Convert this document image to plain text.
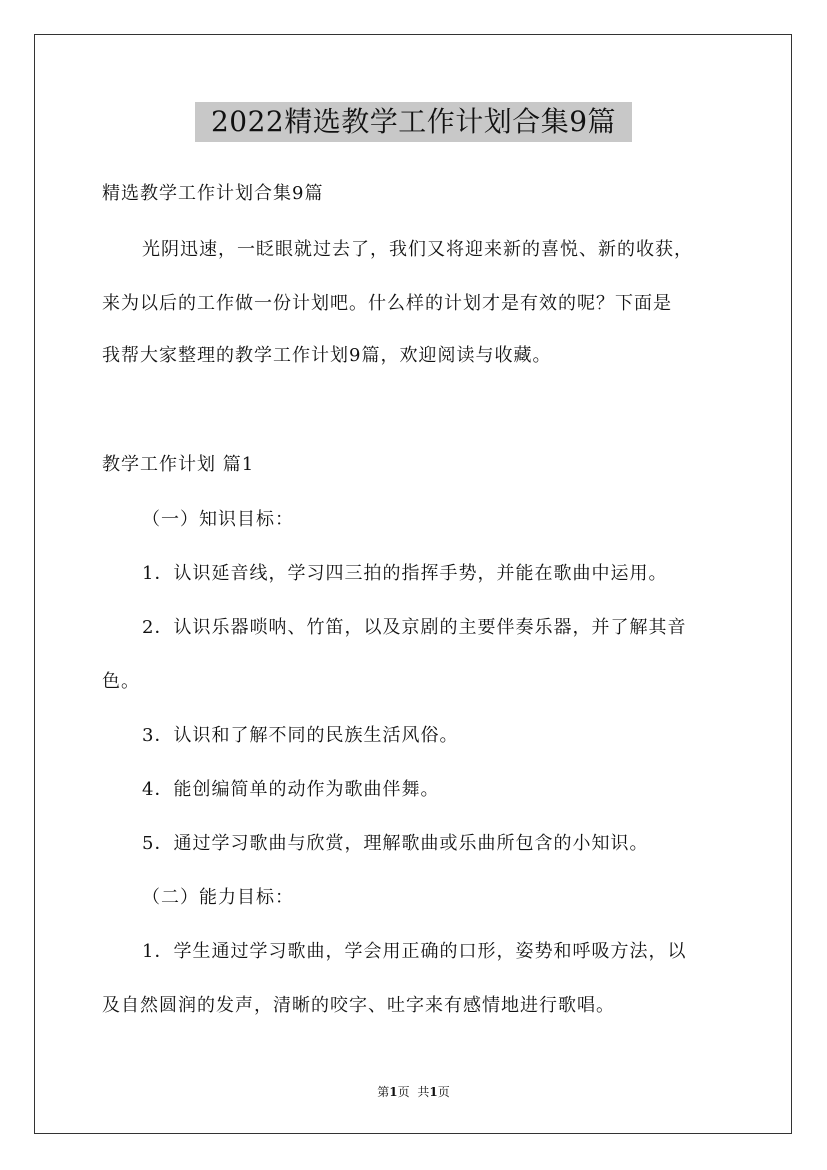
2022精选教学工作计划合集9篇
精选教学工作计划合集9篇
光阴迅速，一眨眼就过去了，我们又将迎来新的喜悦、新的收获，
来为以后的工作做一份计划吧。什么样的计划才是有效的呢？下面是
我帮大家整理的教学工作计划9篇，欢迎阅读与收藏。
教学工作计划 篇1
（一）知识目标：
1．认识延音线，学习四三拍的指挥手势，并能在歌曲中运用。
2．认识乐器唢呐、竹笛，以及京剧的主要伴奏乐器，并了解其音
色。
3．认识和了解不同的民族生活风俗。
4．能创编简单的动作为歌曲伴舞。
5．通过学习歌曲与欣赏，理解歌曲或乐曲所包含的小知识。
（二）能力目标：
1．学生通过学习歌曲，学会用正确的口形，姿势和呼吸方法，以
及自然圆润的发声，清晰的咬字、吐字来有感情地进行歌唱。
第1页 共1页
